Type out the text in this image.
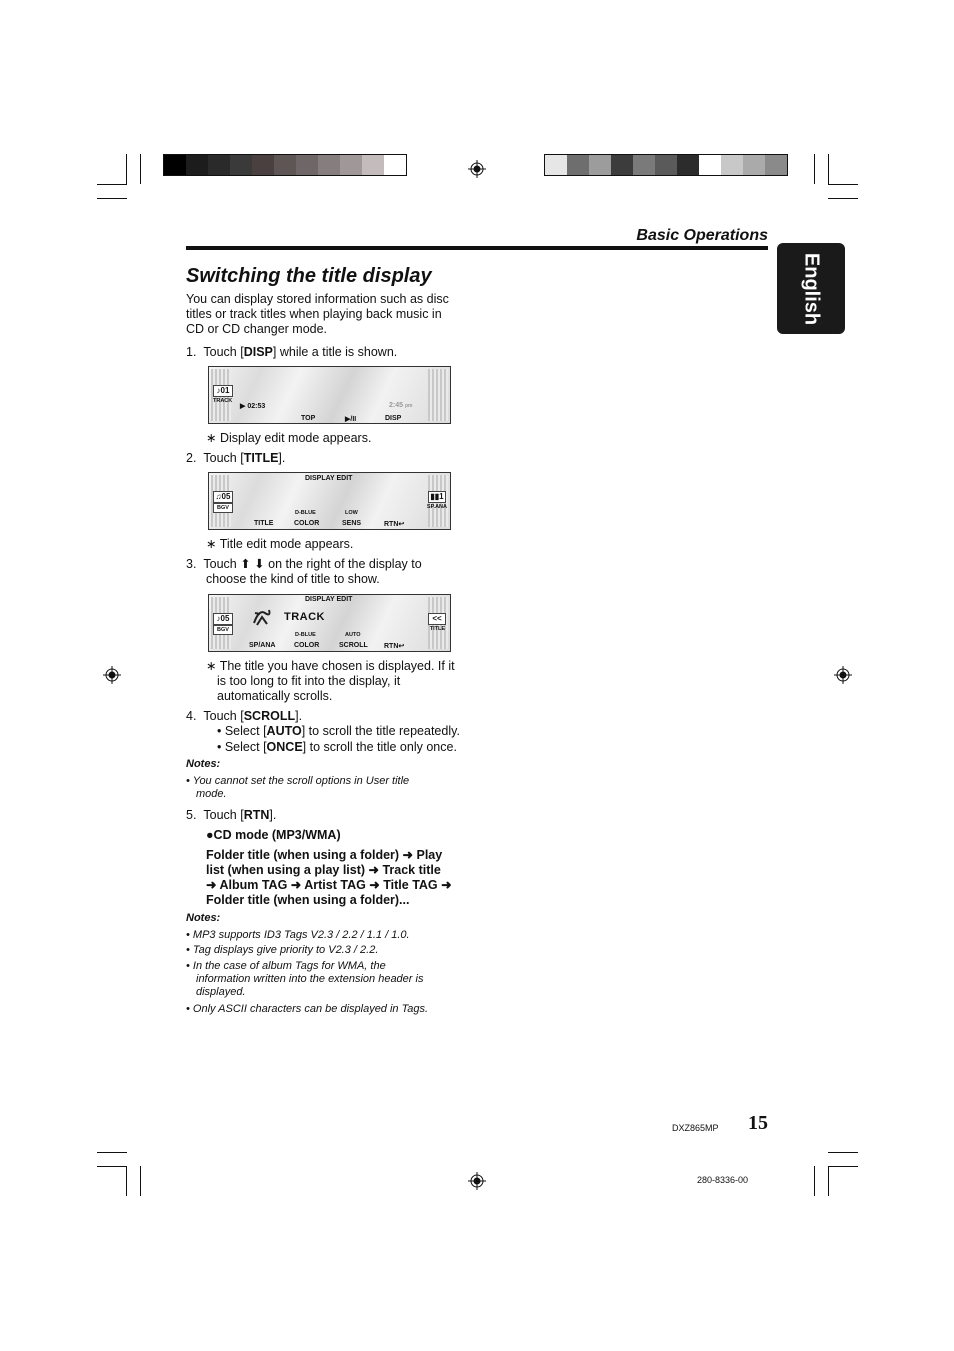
Basic Operations
English
Switching the title display
You can display stored information such as disc titles or track titles when playing back music in CD or CD changer mode.
1. Touch [DISP] while a title is shown.
♪01
TRACK
▶ 02:53	2:45 pm
TOP	▶/II	DISP
∗ Display edit mode appears.
2. Touch [TITLE].
DISPLAY EDIT
♫05
BGV
▮▮1
SP.ANA
D-BLUE	LOW
TITLE	COLOR	SENS	RTN↩
∗ Title edit mode appears.
3. Touch ⬆ ⬇ on the right of the display to
choose the kind of title to show.
DISPLAY EDIT
♪05
BGV
TRACK	<<
TITLE
D-BLUE	AUTO
SP/ANA	COLOR	SCROLL RTN↩
∗ The title you have chosen is displayed. If it
is too long to fit into the display, it
automatically scrolls.
4. Touch [SCROLL].
• Select [AUTO] to scroll the title repeatedly.
• Select [ONCE] to scroll the title only once.
Notes:
• You cannot set the scroll options in User title
mode.
5. Touch [RTN].
●CD mode (MP3/WMA)
Folder title (when using a folder) ➜ Play
list (when using a play list) ➜ Track title
➜ Album TAG ➜ Artist TAG ➜ Title TAG ➜
Folder title (when using a folder)...
Notes:
• MP3 supports ID3 Tags V2.3 / 2.2 / 1.1 / 1.0.
• Tag displays give priority to V2.3 / 2.2.
• In the case of album Tags for WMA, the
information written into the extension header is
displayed.
• Only ASCII characters can be displayed in Tags.
DXZ865MP 15
280-8336-00
